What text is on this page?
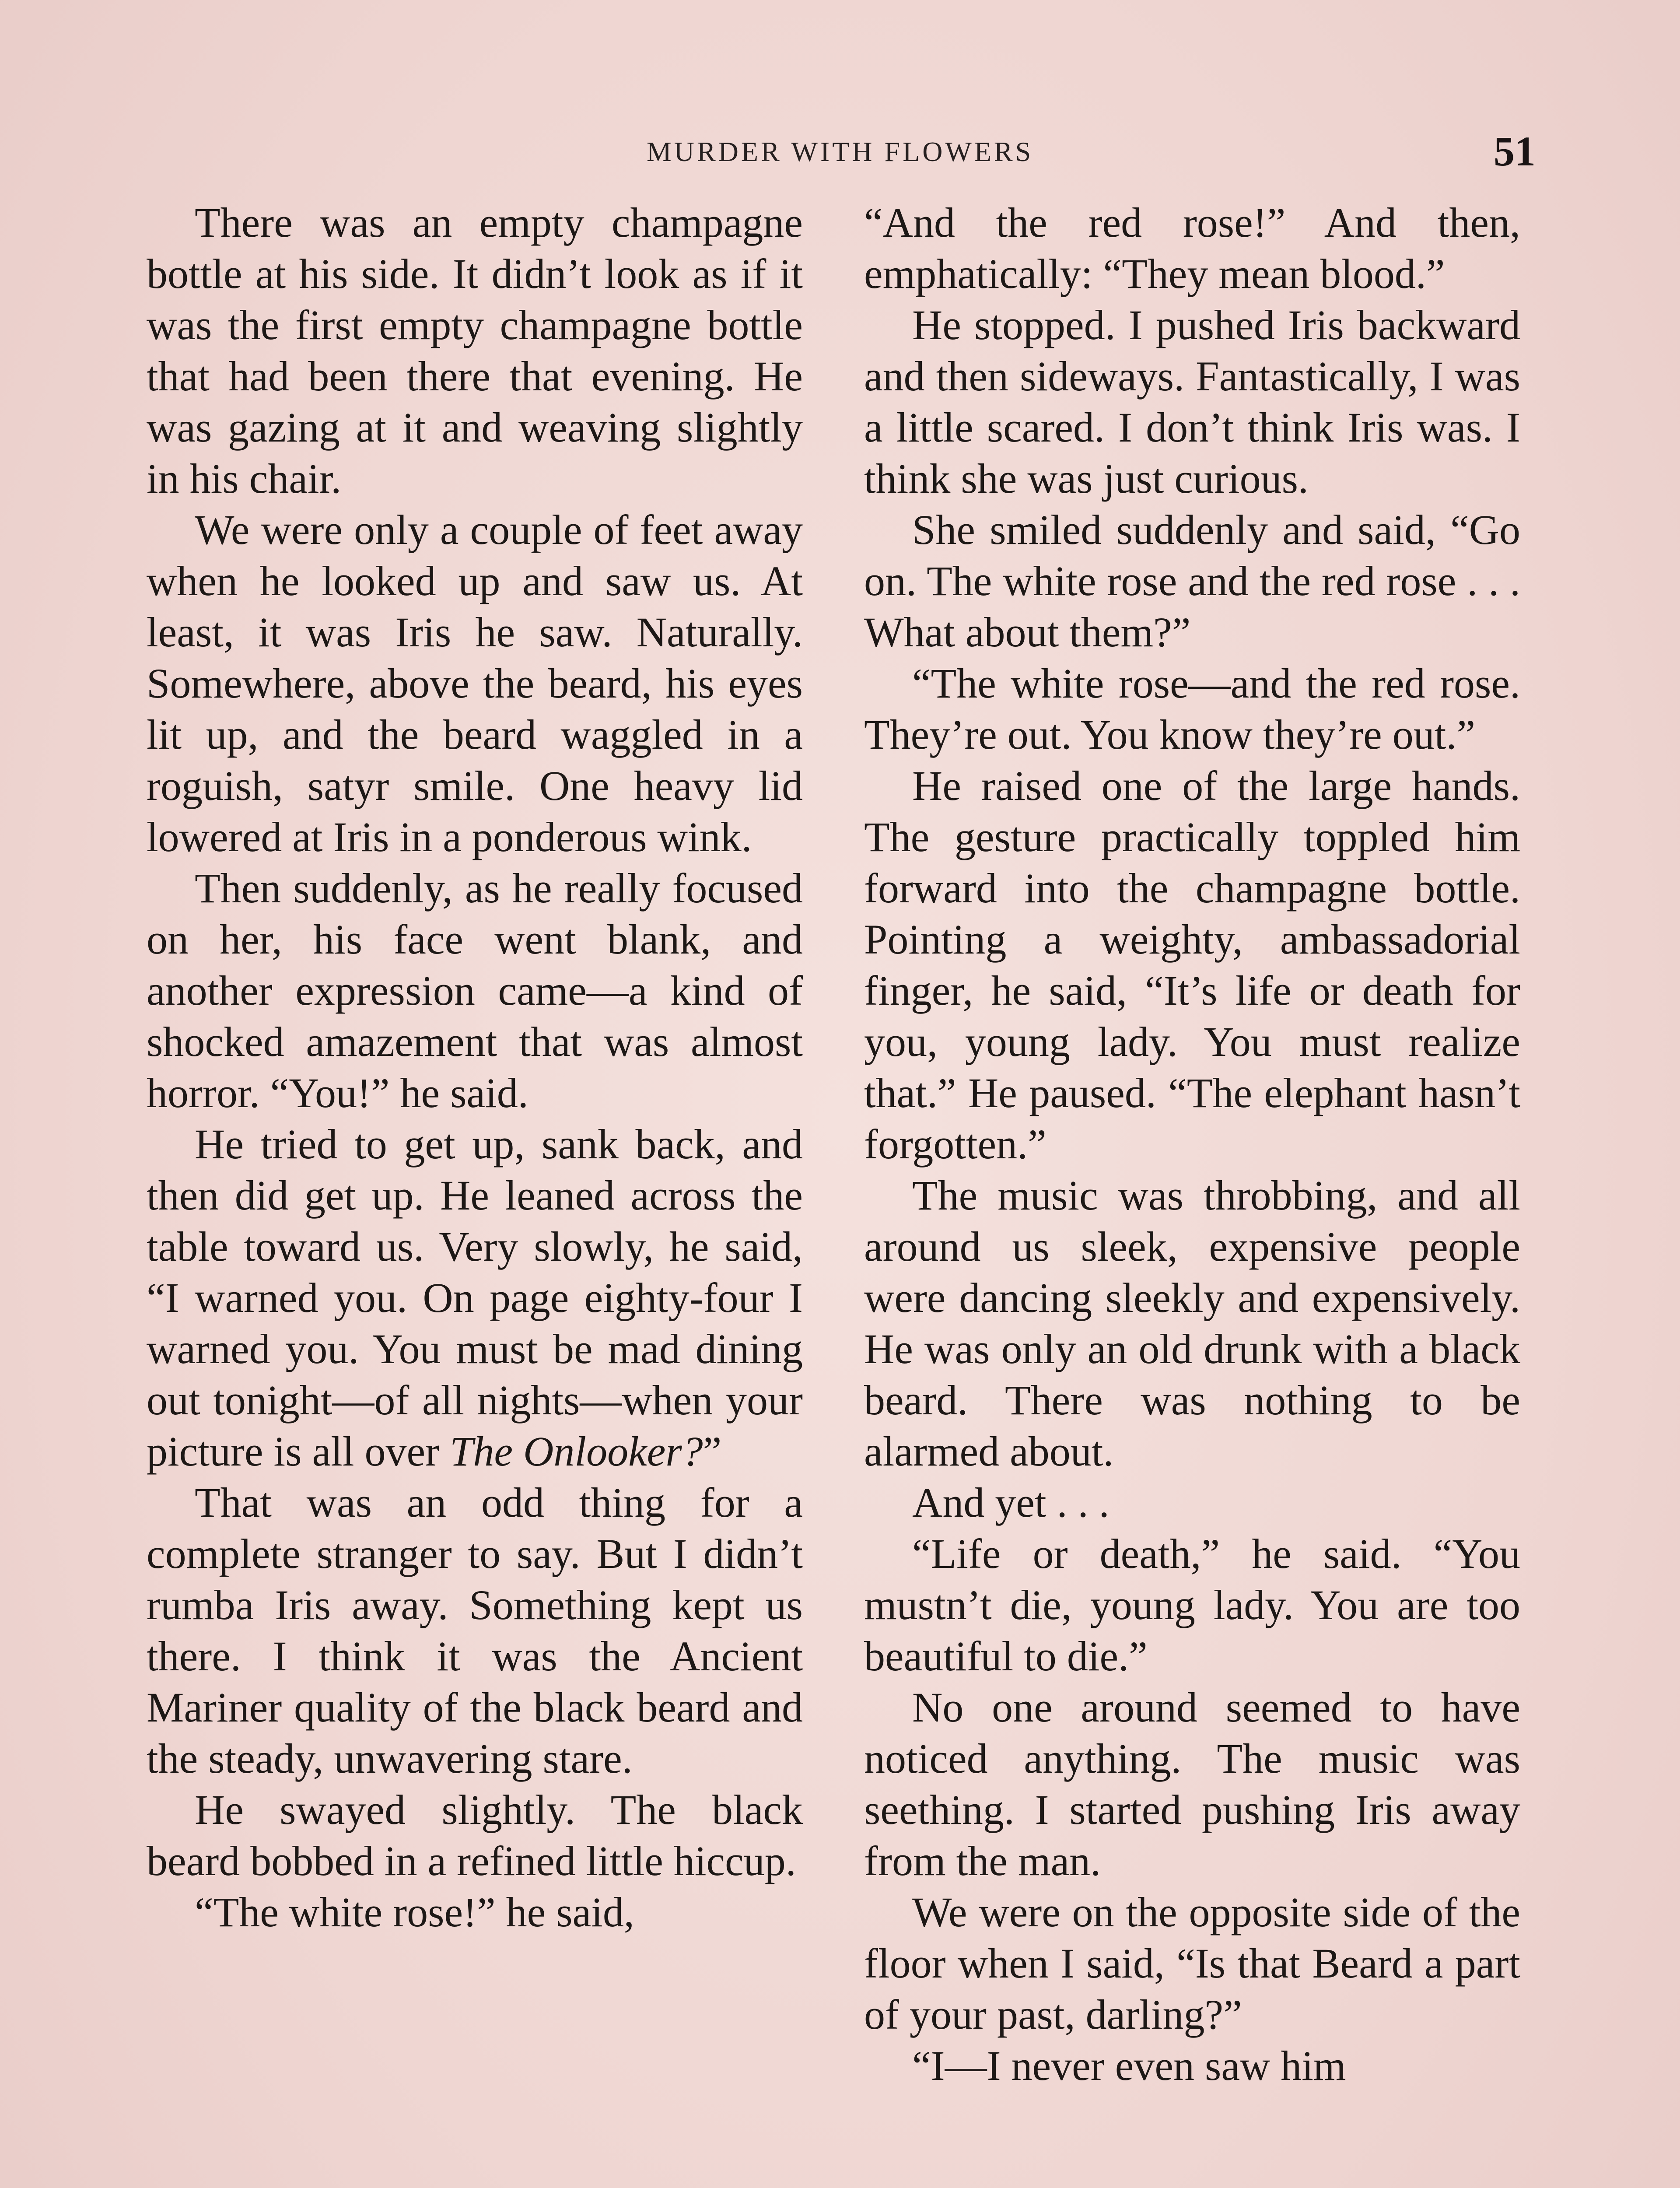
MURDER WITH FLOWERS	51

There was an empty champagne bottle at his side. It didn’t look as if it was the first empty champagne bottle that had been there that evening. He was gazing at it and weaving slightly in his chair.

We were only a couple of feet away when he looked up and saw us. At least, it was Iris he saw. Naturally. Somewhere, above the beard, his eyes lit up, and the beard waggled in a roguish, satyr smile. One heavy lid lowered at Iris in a ponderous wink.

Then suddenly, as he really focused on her, his face went blank, and another expression came—a kind of shocked amazement that was almost horror. “You!” he said.

He tried to get up, sank back, and then did get up. He leaned across the table toward us. Very slowly, he said, “I warned you. On page eighty-four I warned you. You must be mad dining out tonight—of all nights—when your picture is all over The Onlooker?”

That was an odd thing for a complete stranger to say. But I didn’t rumba Iris away. Something kept us there. I think it was the Ancient Mariner quality of the black beard and the steady, unwavering stare.

He swayed slightly. The black beard bobbed in a refined little hiccup.

“The white rose!” he said,

“And the red rose!” And then, emphatically: “They mean blood.”

He stopped. I pushed Iris backward and then sideways. Fantastically, I was a little scared. I don’t think Iris was. I think she was just curious.

She smiled suddenly and said, “Go on. The white rose and the red rose . . . What about them?”

“The white rose—and the red rose. They’re out. You know they’re out.”

He raised one of the large hands. The gesture practically toppled him forward into the champagne bottle. Pointing a weighty, ambassadorial finger, he said, “It’s life or death for you, young lady. You must realize that.” He paused. “The elephant hasn’t forgotten.”

The music was throbbing, and all around us sleek, expensive people were dancing sleekly and expensively. He was only an old drunk with a black beard. There was nothing to be alarmed about.

And yet . . .

“Life or death,” he said. “You mustn’t die, young lady. You are too beautiful to die.”

No one around seemed to have noticed anything. The music was seething. I started pushing Iris away from the man.

We were on the opposite side of the floor when I said, “Is that Beard a part of your past, darling?”

“I—I never even saw him
